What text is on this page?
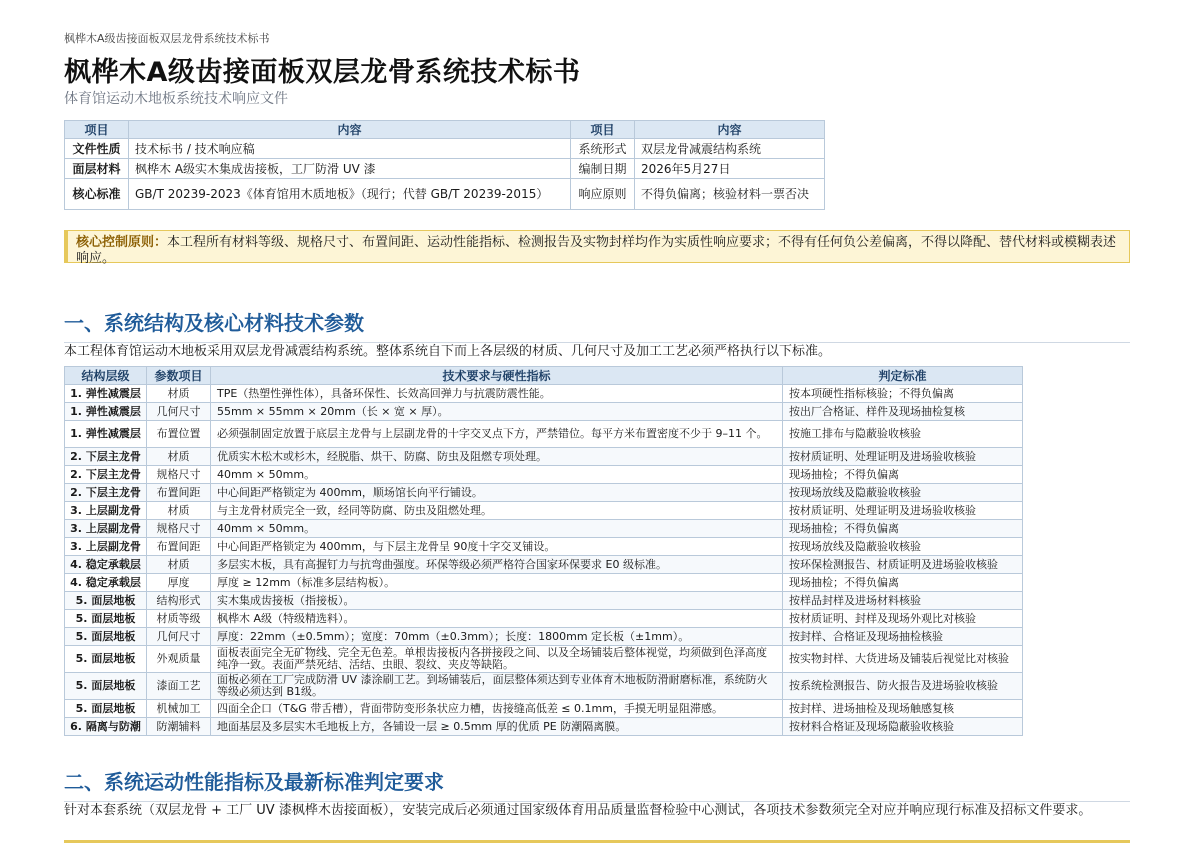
枫桦木A级齿接面板双层龙骨系统技术标书
枫桦木A级齿接面板双层龙骨系统技术标书
体育馆运动木地板系统技术响应文件
项目	内容	项目	内容
文件性质	技术标书 / 技术响应稿	系统形式	双层龙骨减震结构系统
面层材料	枫桦木 A级实木集成齿接板，工厂防滑 UV 漆	编制日期	2026年5月27日
核心标准	GB/T 20239-2023《体育馆用木质地板》（现行；代替 GB/T 20239-2015）	响应原则	不得负偏离；核验材料一票否决
核心控制原则：本工程所有材料等级、规格尺寸、布置间距、运动性能指标、检测报告及实物封样均作为实质性响应要求；不得有任何负公差偏离，不得以降配、替代材料或模糊表述响应。
一、系统结构及核心材料技术参数
本工程体育馆运动木地板采用双层龙骨减震结构系统。整体系统自下而上各层级的材质、几何尺寸及加工工艺必须严格执行以下标准。
结构层级	参数项目	技术要求与硬性指标	判定标准
1. 弹性减震层	材质	TPE（热塑性弹性体），具备环保性、长效高回弹力与抗震防震性能。	按本项硬性指标核验；不得负偏离
1. 弹性减震层	几何尺寸	55mm × 55mm × 20mm（长 × 宽 × 厚）。	按出厂合格证、样件及现场抽检复核
1. 弹性减震层	布置位置	必须强制固定放置于底层主龙骨与上层副龙骨的十字交叉点下方，严禁错位。每平方米布置密度不少于 9–11 个。	按施工排布与隐蔽验收核验
2. 下层主龙骨	材质	优质实木松木或杉木，经脱脂、烘干、防腐、防虫及阻燃专项处理。	按材质证明、处理证明及进场验收核验
2. 下层主龙骨	规格尺寸	40mm × 50mm。	现场抽检；不得负偏离
2. 下层主龙骨	布置间距	中心间距严格锁定为 400mm，顺场馆长向平行铺设。	按现场放线及隐蔽验收核验
3. 上层副龙骨	材质	与主龙骨材质完全一致，经同等防腐、防虫及阻燃处理。	按材质证明、处理证明及进场验收核验
3. 上层副龙骨	规格尺寸	40mm × 50mm。	现场抽检；不得负偏离
3. 上层副龙骨	布置间距	中心间距严格锁定为 400mm，与下层主龙骨呈 90度十字交叉铺设。	按现场放线及隐蔽验收核验
4. 稳定承载层	材质	多层实木板，具有高握钉力与抗弯曲强度。环保等级必须严格符合国家环保要求 E0 级标准。	按环保检测报告、材质证明及进场验收核验
4. 稳定承载层	厚度	厚度 ≥ 12mm（标准多层结构板）。	现场抽检；不得负偏离
5. 面层地板	结构形式	实木集成齿接板（指接板）。	按样品封样及进场材料核验
5. 面层地板	材质等级	枫桦木 A级（特级精选料）。	按材质证明、封样及现场外观比对核验
5. 面层地板	几何尺寸	厚度：22mm（±0.5mm）；宽度：70mm（±0.3mm）；长度：1800mm 定长板（±1mm）。	按封样、合格证及现场抽检核验
5. 面层地板	外观质量	面板表面完全无矿物线、完全无色差。单根齿接板内各拼接段之间、以及全场铺装后整体视觉，均须做到色泽高度纯净一致。表面严禁死结、活结、虫眼、裂纹、夹皮等缺陷。	按实物封样、大货进场及铺装后视觉比对核验
5. 面层地板	漆面工艺	面板必须在工厂完成防滑 UV 漆涂刷工艺。到场铺装后，面层整体须达到专业体育木地板防滑耐磨标准，系统防火等级必须达到 B1级。	按系统检测报告、防火报告及进场验收核验
5. 面层地板	机械加工	四面全企口（T&G 带舌槽），背面带防变形条状应力槽，齿接缝高低差 ≤ 0.1mm，手摸无明显阻滞感。	按封样、进场抽检及现场触感复核
6. 隔离与防潮	防潮辅料	地面基层及多层实木毛地板上方，各铺设一层 ≥ 0.5mm 厚的优质 PE 防潮隔离膜。	按材料合格证及现场隐蔽验收核验
二、系统运动性能指标及最新标准判定要求
针对本套系统（双层龙骨 + 工厂 UV 漆枫桦木齿接面板），安装完成后必须通过国家级体育用品质量监督检验中心测试，各项技术参数须完全对应并响应现行标准及招标文件要求。
